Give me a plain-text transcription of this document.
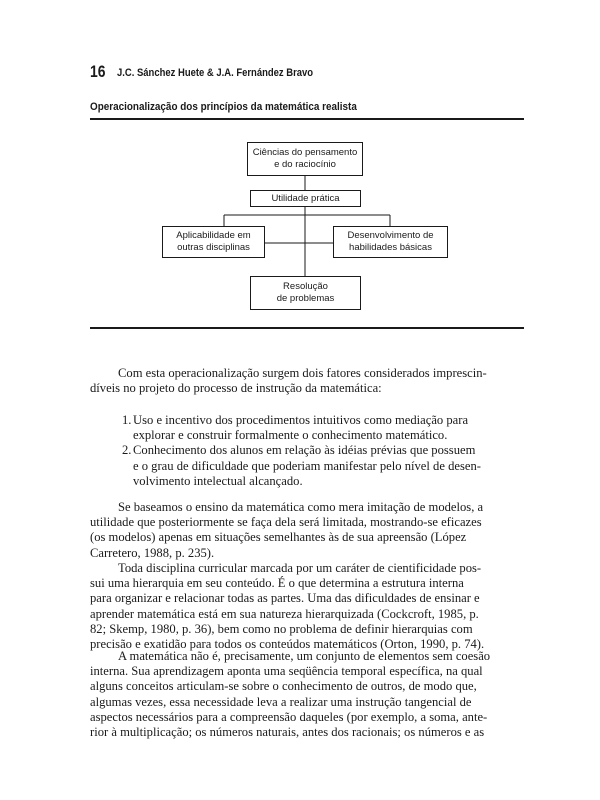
16 J.C. Sánchez Huete & J.A. Fernández Bravo
Operacionalização dos princípios da matemática realista
Ciências do pensamento
e do raciocínio
Utilidade prática
Aplicabilidade em
outras disciplinas
Desenvolvimento de
habilidades básicas
Resolução
de problemas

Com esta operacionalização surgem dois fatores considerados imprescin-
díveis no projeto do processo de instrução da matemática:

1. Uso e incentivo dos procedimentos intuitivos como mediação para
explorar e construir formalmente o conhecimento matemático.
2. Conhecimento dos alunos em relação às idéias prévias que possuem
e o grau de dificuldade que poderiam manifestar pelo nível de desen-
volvimento intelectual alcançado.

Se baseamos o ensino da matemática como mera imitação de modelos, a
utilidade que posteriormente se faça dela será limitada, mostrando-se eficazes
(os modelos) apenas em situações semelhantes às de sua apreensão (López
Carretero, 1988, p. 235).

Toda disciplina curricular marcada por um caráter de cientificidade pos-
sui uma hierarquia em seu conteúdo. É o que determina a estrutura interna
para organizar e relacionar todas as partes. Uma das dificuldades de ensinar e
aprender matemática está em sua natureza hierarquizada (Cockcroft, 1985, p.
82; Skemp, 1980, p. 36), bem como no problema de definir hierarquias com
precisão e exatidão para todos os conteúdos matemáticos (Orton, 1990, p. 74).

A matemática não é, precisamente, um conjunto de elementos sem coesão
interna. Sua aprendizagem aponta uma seqüência temporal específica, na qual
alguns conceitos articulam-se sobre o conhecimento de outros, de modo que,
algumas vezes, essa necessidade leva a realizar uma instrução tangencial de
aspectos necessários para a compreensão daqueles (por exemplo, a soma, ante-
rior à multiplicação; os números naturais, antes dos racionais; os números e as
